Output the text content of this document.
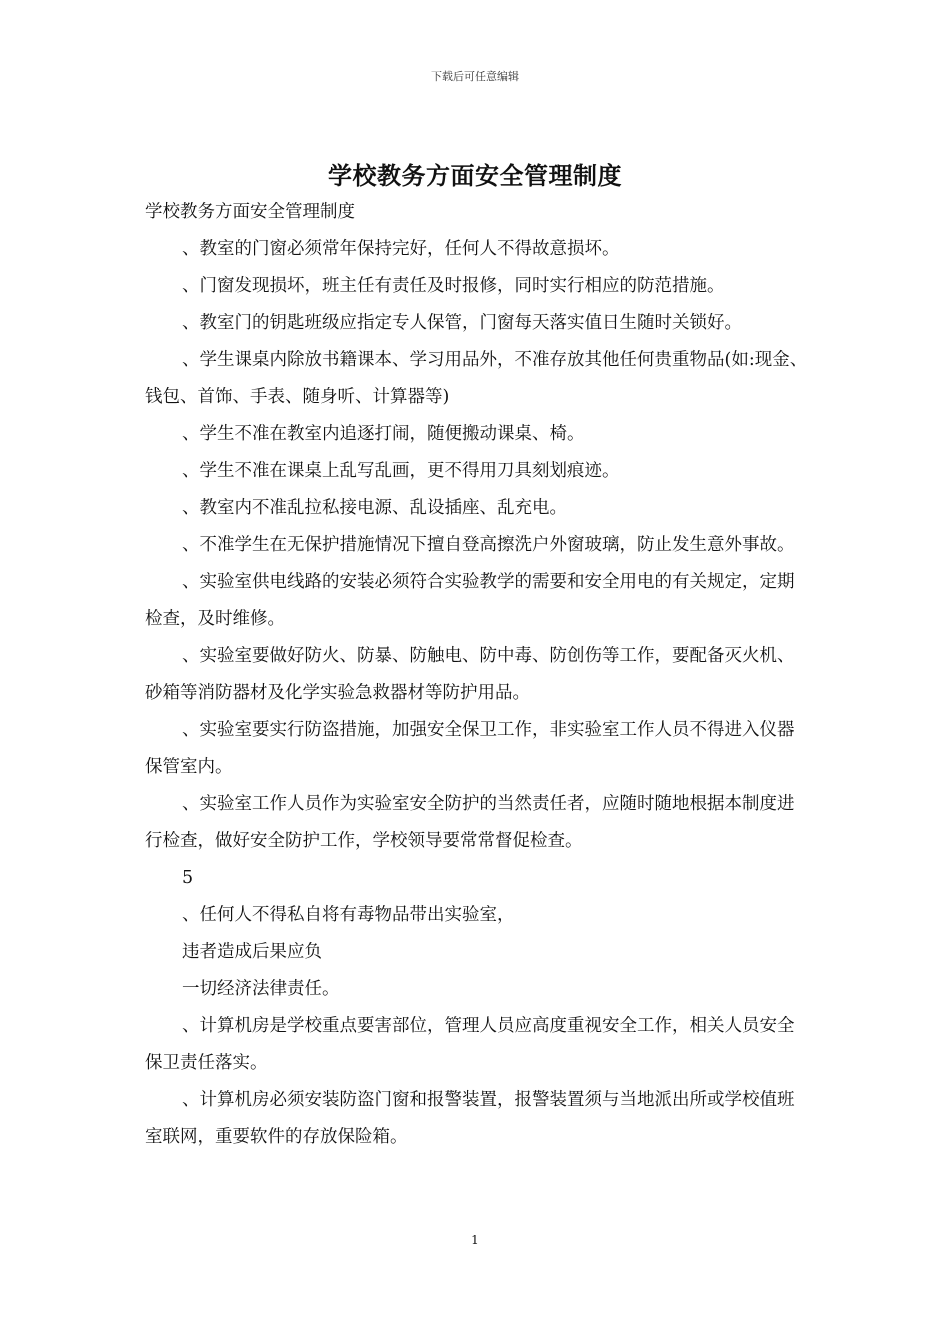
下载后可任意编辑
学校教务方面安全管理制度

学校教务方面安全管理制度

、教室的门窗必须常年保持完好，任何人不得故意损坏。

、门窗发现损坏，班主任有责任及时报修，同时实行相应的防范措施。

、教室门的钥匙班级应指定专人保管，门窗每天落实值日生随时关锁好。

、学生课桌内除放书籍课本、学习用品外，不准存放其他任何贵重物品(如:现金、钱包、首饰、手表、随身听、计算器等)

、学生不准在教室内追逐打闹，随便搬动课桌、椅。

、学生不准在课桌上乱写乱画，更不得用刀具刻划痕迹。

、教室内不准乱拉私接电源、乱设插座、乱充电。

、不准学生在无保护措施情况下擅自登高擦洗户外窗玻璃，防止发生意外事故。

、实验室供电线路的安装必须符合实验教学的需要和安全用电的有关规定，定期检查，及时维修。

、实验室要做好防火、防暴、防触电、防中毒、防创伤等工作，要配备灭火机、砂箱等消防器材及化学实验急救器材等防护用品。

、实验室要实行防盗措施，加强安全保卫工作，非实验室工作人员不得进入仪器保管室内。

、实验室工作人员作为实验室安全防护的当然责任者，应随时随地根据本制度进行检查，做好安全防护工作，学校领导要常常督促检查。

5

、任何人不得私自将有毒物品带出实验室，

违者造成后果应负

一切经济法律责任。

、计算机房是学校重点要害部位，管理人员应高度重视安全工作，相关人员安全保卫责任落实。

、计算机房必须安装防盗门窗和报警装置，报警装置须与当地派出所或学校值班室联网，重要软件的存放保险箱。

1
